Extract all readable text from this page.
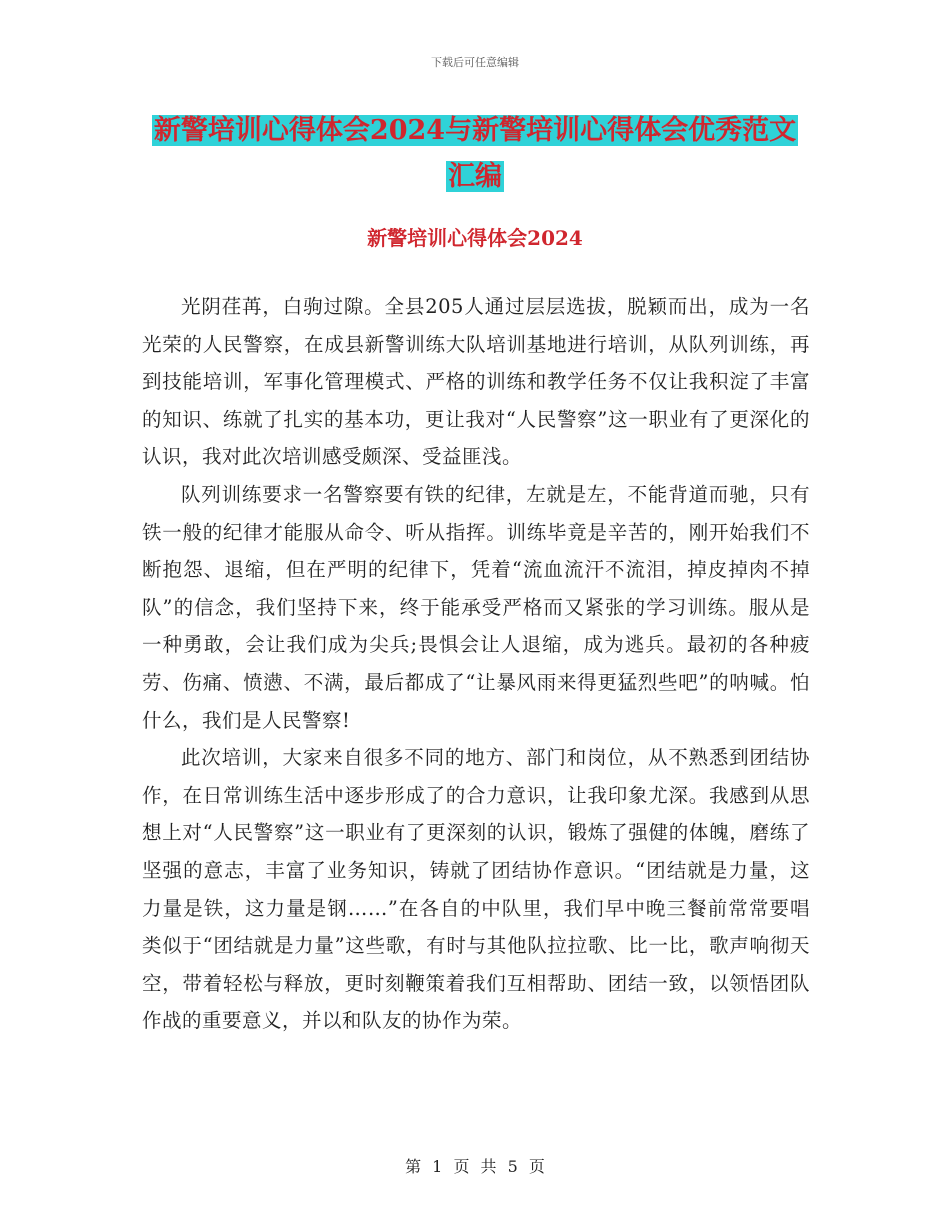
下载后可任意编辑
新警培训心得体会2024与新警培训心得体会优秀范文
汇编
新警培训心得体会2024

光阴荏苒，白驹过隙。全县205人通过层层选拔，脱颖而出，成为一名光荣的人民警察，在成县新警训练大队培训基地进行培训，从队列训练，再到技能培训，军事化管理模式、严格的训练和教学任务不仅让我积淀了丰富的知识、练就了扎实的基本功，更让我对“人民警察”这一职业有了更深化的认识，我对此次培训感受颇深、受益匪浅。

队列训练要求一名警察要有铁的纪律，左就是左，不能背道而驰，只有铁一般的纪律才能服从命令、听从指挥。训练毕竟是辛苦的，刚开始我们不断抱怨、退缩，但在严明的纪律下，凭着“流血流汗不流泪，掉皮掉肉不掉队”的信念，我们坚持下来，终于能承受严格而又紧张的学习训练。服从是一种勇敢，会让我们成为尖兵;畏惧会让人退缩，成为逃兵。最初的各种疲劳、伤痛、愤懑、不满，最后都成了“让暴风雨来得更猛烈些吧”的呐喊。怕什么，我们是人民警察!

此次培训，大家来自很多不同的地方、部门和岗位，从不熟悉到团结协作，在日常训练生活中逐步形成了的合力意识，让我印象尤深。我感到从思想上对“人民警察”这一职业有了更深刻的认识，锻炼了强健的体魄，磨练了坚强的意志，丰富了业务知识，铸就了团结协作意识。“团结就是力量，这力量是铁，这力量是钢……”在各自的中队里，我们早中晚三餐前常常要唱类似于“团结就是力量”这些歌，有时与其他队拉拉歌、比一比，歌声响彻天空，带着轻松与释放，更时刻鞭策着我们互相帮助、团结一致，以领悟团队作战的重要意义，并以和队友的协作为荣。

第 1 页 共 5 页
